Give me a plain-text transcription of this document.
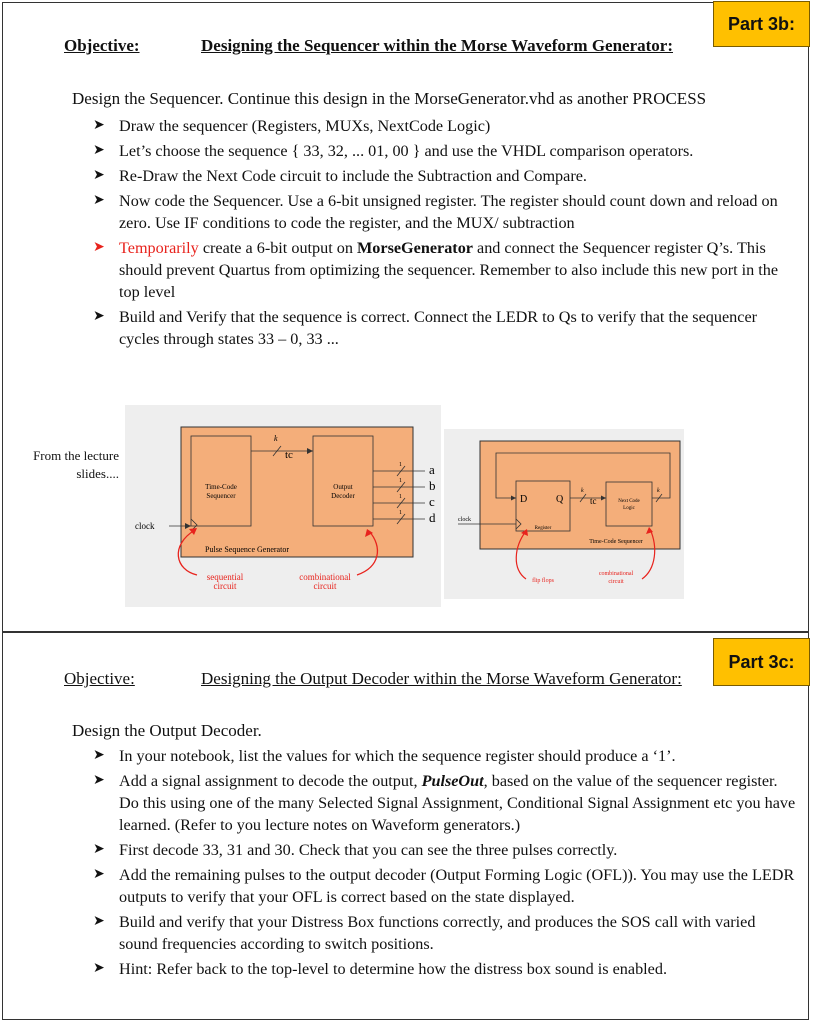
Part 3b:
Objective:	Designing the Sequencer within the Morse Waveform Generator:
Design the Sequencer. Continue this design in the MorseGenerator.vhd as another PROCESS
➤ Draw the sequencer (Registers, MUXs, NextCode Logic)
➤ Let’s choose the sequence { 33, 32, ... 01, 00 } and use the VHDL comparison operators.
➤ Re-Draw the Next Code circuit to include the Subtraction and Compare.
➤ Now code the Sequencer. Use a 6-bit unsigned register. The register should count down and reload on zero. Use IF conditions to code the register, and the MUX/ subtraction
➤ Temporarily create a 6-bit output on MorseGenerator and connect the Sequencer register Q’s. This should prevent Quartus from optimizing the sequencer. Remember to also include this new port in the top level
➤ Build and Verify that the sequence is correct. Connect the LEDR to Qs to verify that the sequencer cycles through states 33 – 0, 33 ...
From the lecture slides....
Time-Code
Sequencer
Output
Decoder
k
tc
1
1
1
1
a
b
c
d
clock
Pulse Sequence Generator
sequential
circuit
combinational
circuit
D	Q
Register
Next Code
Logic
k
tc
k
clock
Time-Code Sequencer
flip flops
combinational
circuit
Part 3c:
Objective:	Designing the Output Decoder within the Morse Waveform Generator:
Design the Output Decoder.
➤ In your notebook, list the values for which the sequence register should produce a ‘1’.
➤ Add a signal assignment to decode the output, PulseOut, based on the value of the sequencer register. Do this using one of the many Selected Signal Assignment, Conditional Signal Assignment etc you have learned. (Refer to you lecture notes on Waveform generators.)
➤ First decode 33, 31 and 30. Check that you can see the three pulses correctly.
➤ Add the remaining pulses to the output decoder (Output Forming Logic (OFL)). You may use the LEDR outputs to verify that your OFL is correct based on the state displayed.
➤ Build and verify that your Distress Box functions correctly, and produces the SOS call with varied sound frequencies according to switch positions.
➤ Hint: Refer back to the top-level to determine how the distress box sound is enabled.
